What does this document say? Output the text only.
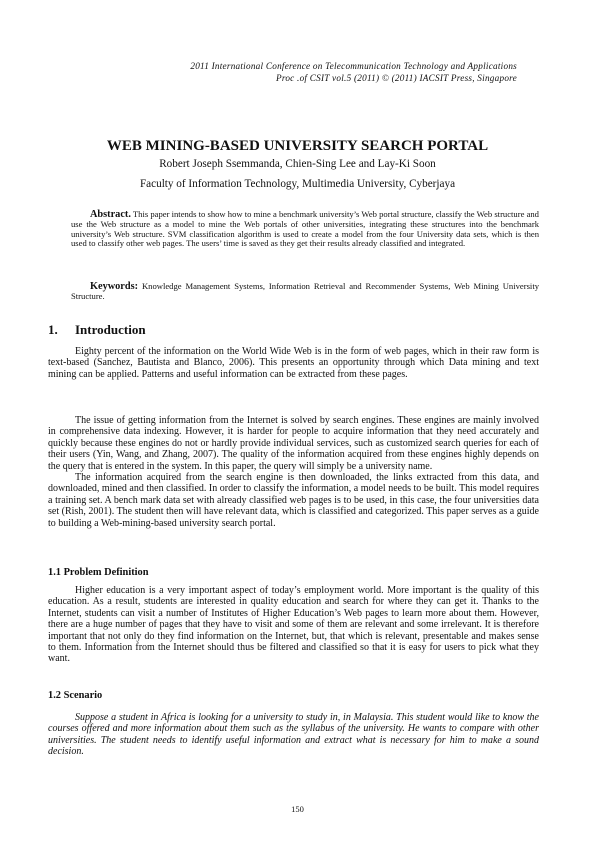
2011 International Conference on Telecommunication Technology and Applications
Proc .of CSIT vol.5 (2011) © (2011) IACSIT Press, Singapore
WEB MINING-BASED UNIVERSITY SEARCH PORTAL
Robert Joseph Ssemmanda, Chien-Sing Lee and Lay-Ki Soon
Faculty of Information Technology, Multimedia University, Cyberjaya

Abstract. This paper intends to show how to mine a benchmark university’s Web portal structure, classify the Web structure and use the Web structure as a model to mine the Web portals of other universities, integrating these structures into the benchmark university’s Web structure. SVM classification algorithm is used to create a model from the four University data sets, which is then used to classify other web pages. The users’ time is saved as they get their results already classified and integrated.

Keywords: Knowledge Management Systems, Information Retrieval and Recommender Systems, Web Mining University Structure.

1. Introduction

Eighty percent of the information on the World Wide Web is in the form of web pages, which in their raw form is text-based (Sanchez, Bautista and Blanco, 2006). This presents an opportunity through which Data mining and text mining can be applied. Patterns and useful information can be extracted from these pages.

The issue of getting information from the Internet is solved by search engines. These engines are mainly involved in comprehensive data indexing. However, it is harder for people to acquire information that they need accurately and quickly because these engines do not or hardly provide individual services, such as customized search queries for each of their users (Yin, Wang, and Zhang, 2007). The quality of the information acquired from these engines highly depends on the query that is entered in the system. In this paper, the query will simply be a university name.

The information acquired from the search engine is then downloaded, the links extracted from this data, and downloaded, mined and then classified. In order to classify the information, a model needs to be built. This model requires a training set. A bench mark data set with already classified web pages is to be used, in this case, the four universities data set (Rish, 2001). The student then will have relevant data, which is classified and categorized. This paper serves as a guide to building a Web-mining-based university search portal.

1.1 Problem Definition

Higher education is a very important aspect of today’s employment world. More important is the quality of this education. As a result, students are interested in quality education and search for where they can get it. Thanks to the Internet, students can visit a number of Institutes of Higher Education’s Web pages to learn more about them. However, there are a huge number of pages that they have to visit and some of them are relevant and some irrelevant. It is therefore important that not only do they find information on the Internet, but, that which is relevant, presentable and makes sense to them. Information from the Internet should thus be filtered and classified so that it is easy for users to pick what they want.

1.2 Scenario

Suppose a student in Africa is looking for a university to study in, in Malaysia. This student would like to know the courses offered and more information about them such as the syllabus of the university. He wants to compare with other universities. The student needs to identify useful information and extract what is necessary for him to make a sound decision.

150
